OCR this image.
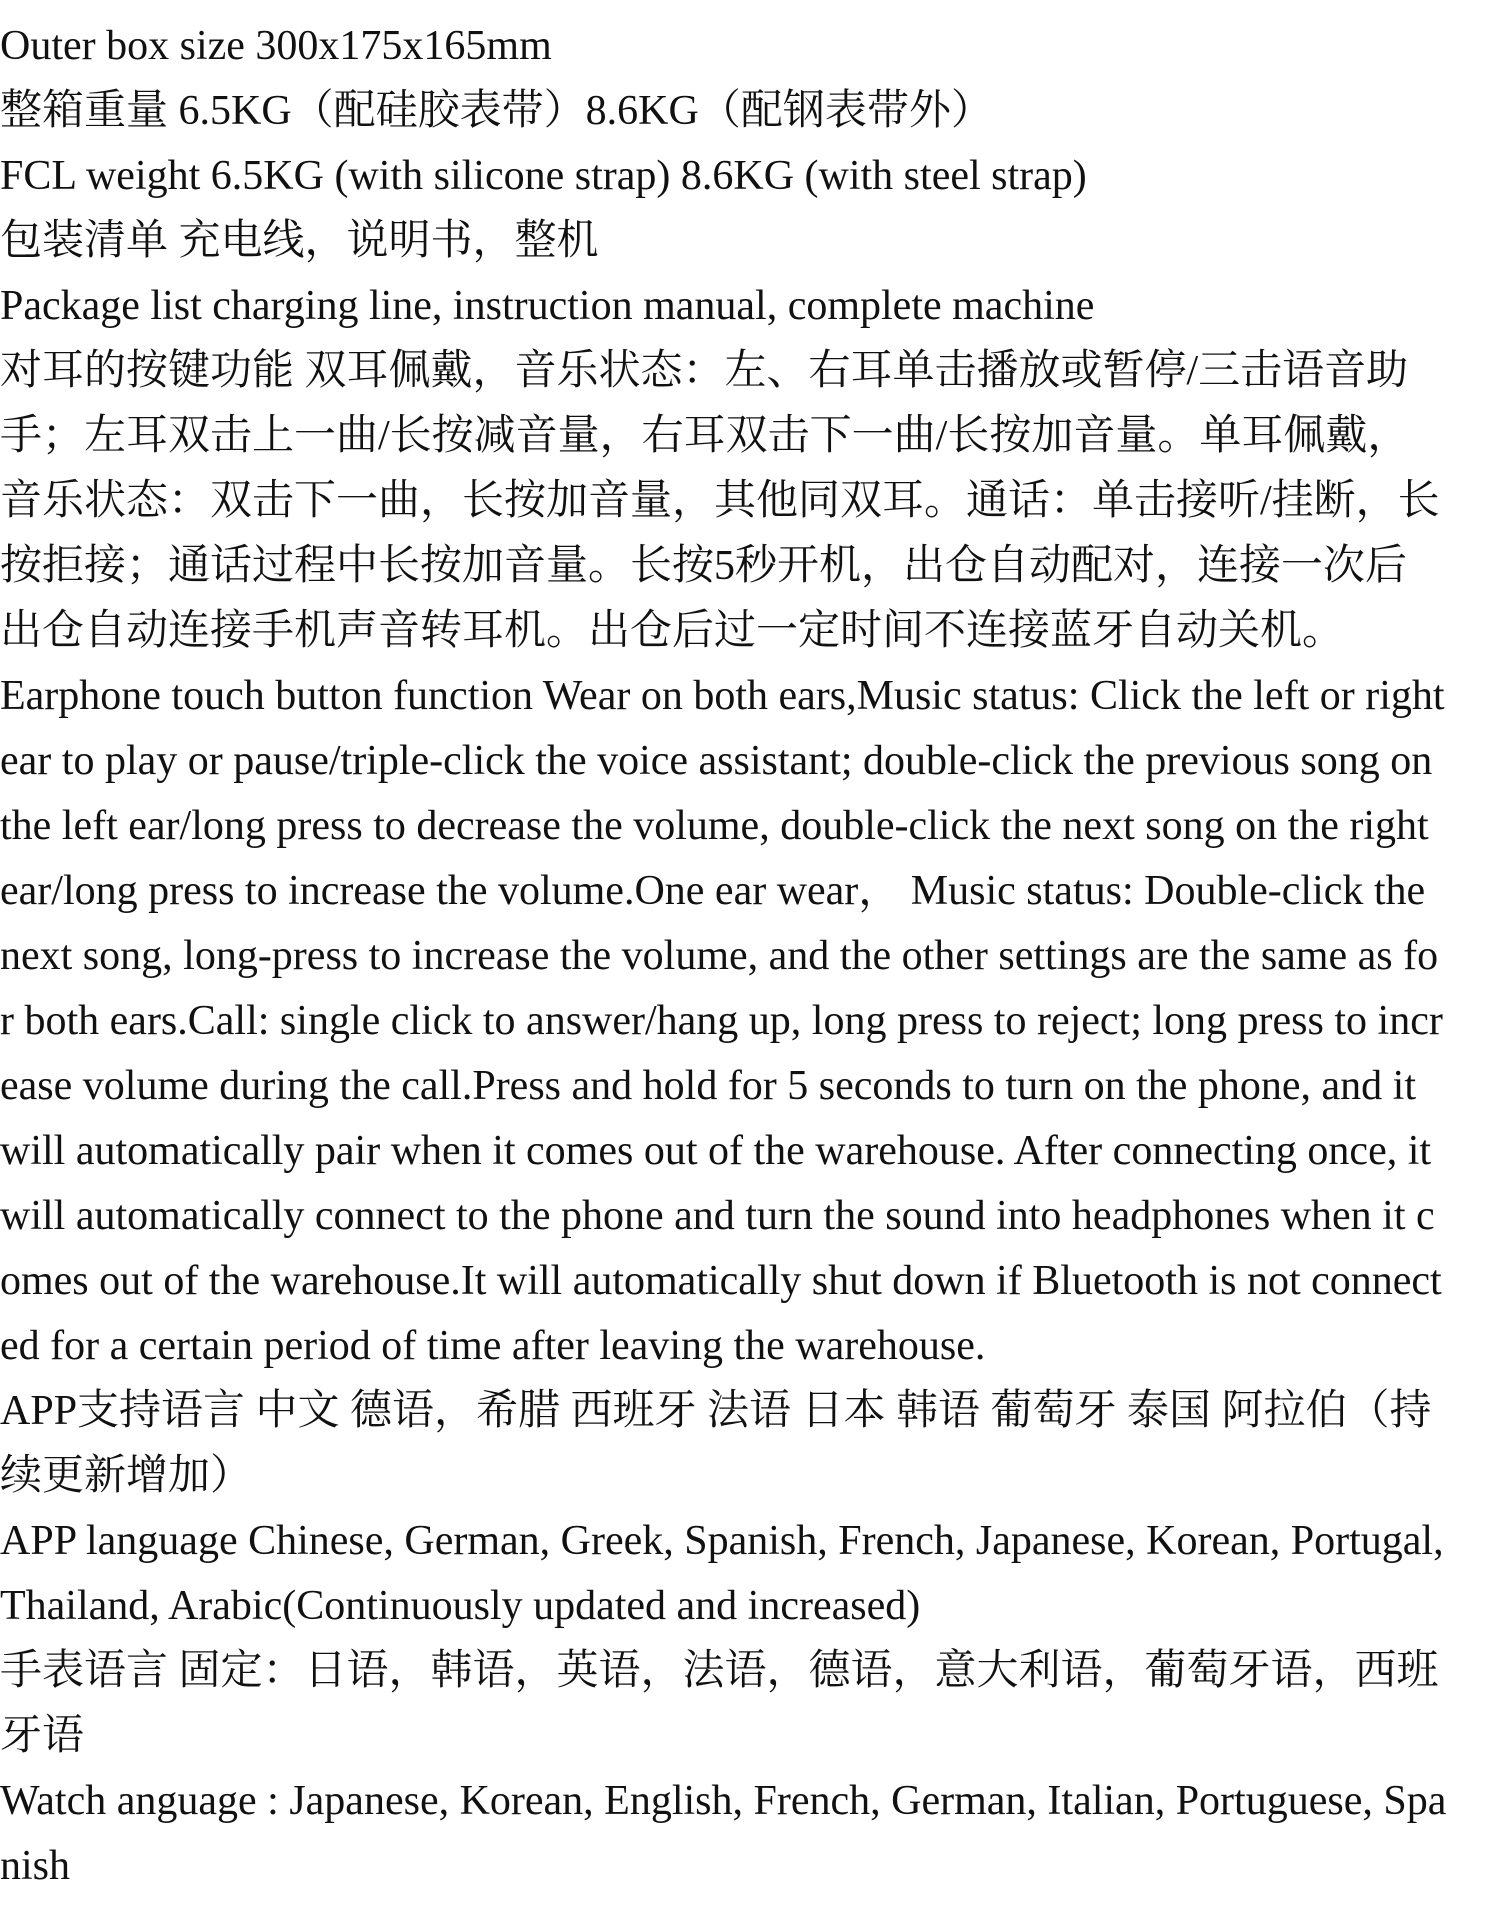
Outer box size 300x175x165mm

整箱重量 6.5KG（配硅胶表带）8.6KG（配钢表带外）

FCL weight 6.5KG (with silicone strap) 8.6KG (with steel strap)

包装清单 充电线，说明书，整机

Package list charging line, instruction manual, complete machine

对耳的按键功能 双耳佩戴，音乐状态：左、右耳单击播放或暂停/三击语音助
手；左耳双击上一曲/长按减音量，右耳双击下一曲/长按加音量。单耳佩戴，
音乐状态：双击下一曲，长按加音量，其他同双耳。通话：单击接听/挂断，长
按拒接；通话过程中长按加音量。长按5秒开机，出仓自动配对，连接一次后
出仓自动连接手机声音转耳机。出仓后过一定时间不连接蓝牙自动关机。

Earphone touch button function Wear on both ears,Music status: Click the left or right
ear to play or pause/triple-click the voice assistant; double-click the previous song on
the left ear/long press to decrease the volume, double-click the next song on the right
ear/long press to increase the volume.One ear wear， Music status: Double-click the
next song, long-press to increase the volume, and the other settings are the same as fo
r both ears.Call: single click to answer/hang up, long press to reject; long press to incr
ease volume during the call.Press and hold for 5 seconds to turn on the phone, and it
will automatically pair when it comes out of the warehouse. After connecting once, it
will automatically connect to the phone and turn the sound into headphones when it c
omes out of the warehouse.It will automatically shut down if Bluetooth is not connect
ed for a certain period of time after leaving the warehouse.

APP支持语言 中文 德语，希腊 西班牙 法语 日本 韩语 葡萄牙 泰国 阿拉伯（持
续更新增加）

APP language Chinese, German, Greek, Spanish, French, Japanese, Korean, Portugal,
Thailand, Arabic(Continuously updated and increased)

手表语言 固定：日语，韩语，英语，法语，德语，意大利语，葡萄牙语，西班
牙语

Watch anguage : Japanese, Korean, English, French, German, Italian, Portuguese, Spa
nish
